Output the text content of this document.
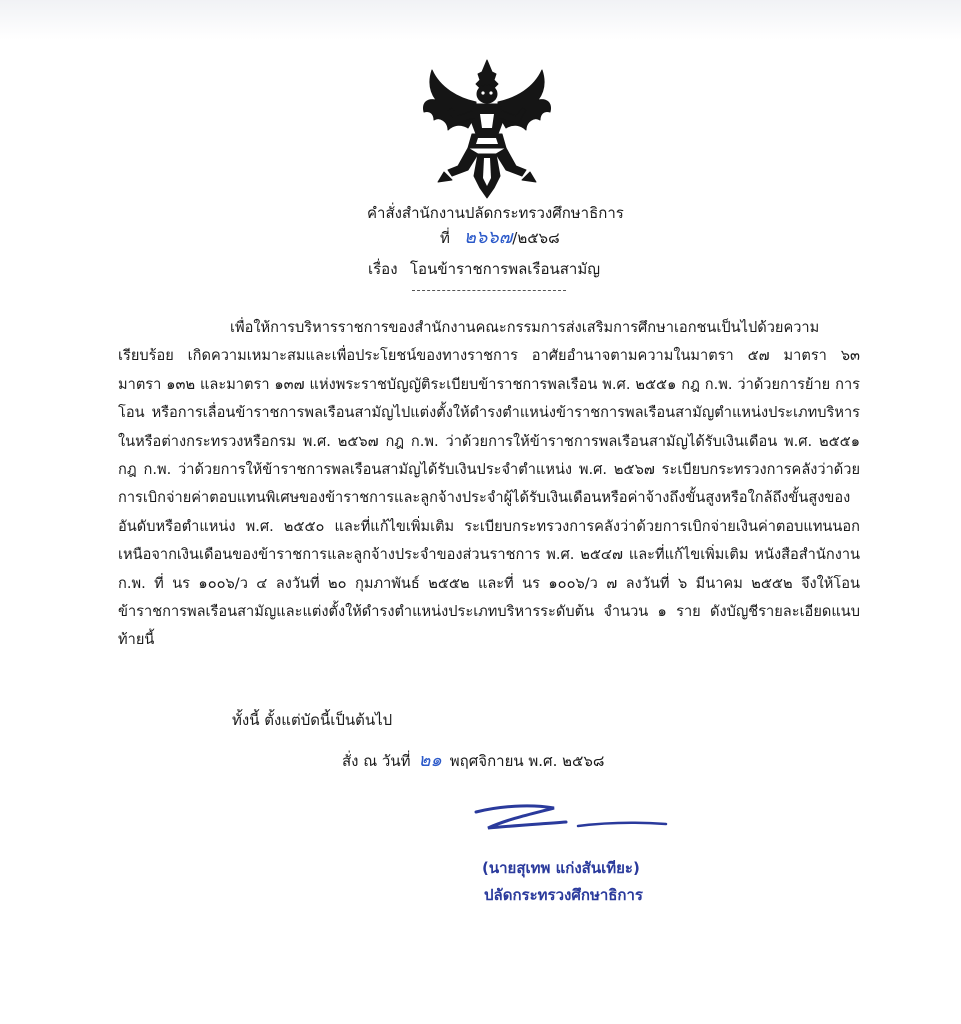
คำสั่งสำนักงานปลัดกระทรวงศึกษาธิการ
ที่ ๒๖๖๗/๒๕๖๘
เรื่อง โอนข้าราชการพลเรือนสามัญ

เพื่อให้การบริหารราชการของสำนักงานคณะกรรมการส่งเสริมการศึกษาเอกชนเป็นไปด้วยความเรียบร้อย เกิดความเหมาะสมและเพื่อประโยชน์ของทางราชการ อาศัยอำนาจตามความในมาตรา ๕๗ มาตรา ๖๓ มาตรา ๑๓๒ และมาตรา ๑๓๗ แห่งพระราชบัญญัติระเบียบข้าราชการพลเรือน พ.ศ. ๒๕๕๑ กฎ ก.พ. ว่าด้วยการย้าย การโอน หรือการเลื่อนข้าราชการพลเรือนสามัญไปแต่งตั้งให้ดำรงตำแหน่งข้าราชการพลเรือนสามัญตำแหน่งประเภทบริหารในหรือต่างกระทรวงหรือกรม พ.ศ. ๒๕๖๗ กฎ ก.พ. ว่าด้วยการให้ข้าราชการพลเรือนสามัญได้รับเงินเดือน พ.ศ. ๒๕๕๑ กฎ ก.พ. ว่าด้วยการให้ข้าราชการพลเรือนสามัญได้รับเงินประจำตำแหน่ง พ.ศ. ๒๕๖๗ ระเบียบกระทรวงการคลังว่าด้วยการเบิกจ่ายค่าตอบแทนพิเศษของข้าราชการและลูกจ้างประจำผู้ได้รับเงินเดือนหรือค่าจ้างถึงขั้นสูงหรือใกล้ถึงขั้นสูงของอันดับหรือตำแหน่ง พ.ศ. ๒๕๕๐ และที่แก้ไขเพิ่มเติม ระเบียบกระทรวงการคลังว่าด้วยการเบิกจ่ายเงินค่าตอบแทนนอกเหนือจากเงินเดือนของข้าราชการและลูกจ้างประจำของส่วนราชการ พ.ศ. ๒๕๔๗ และที่แก้ไขเพิ่มเติม หนังสือสำนักงาน ก.พ. ที่ นร ๑๐๐๖/ว ๔ ลงวันที่ ๒๐ กุมภาพันธ์ ๒๕๕๒ และที่ นร ๑๐๐๖/ว ๗ ลงวันที่ ๖ มีนาคม ๒๕๕๒ จึงให้โอนข้าราชการพลเรือนสามัญและแต่งตั้งให้ดำรงตำแหน่งประเภทบริหารระดับต้น จำนวน ๑ ราย ดังบัญชีรายละเอียดแนบท้ายนี้

ทั้งนี้ ตั้งแต่บัดนี้เป็นต้นไป
สั่ง ณ วันที่ ๒๑ พฤศจิกายน พ.ศ. ๒๕๖๘
(นายสุเทพ แก่งสันเทียะ)
ปลัดกระทรวงศึกษาธิการ
